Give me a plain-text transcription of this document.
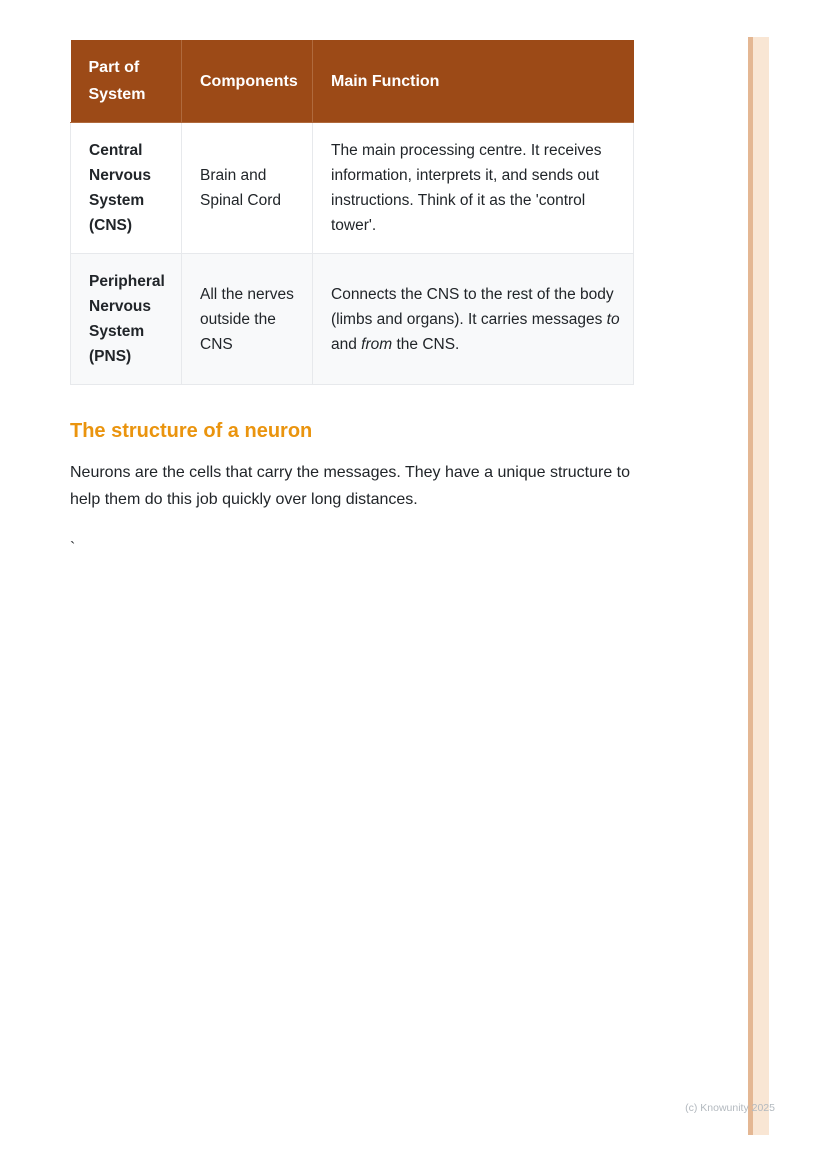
Part of System	Components	Main Function
Central Nervous System (CNS)	Brain and Spinal Cord	The main processing centre. It receives information, interprets it, and sends out instructions. Think of it as the 'control tower'.
Peripheral Nervous System (PNS)	All the nerves outside the CNS	Connects the CNS to the rest of the body (limbs and organs). It carries messages to and from the CNS.
The structure of a neuron

Neurons are the cells that carry the messages. They have a unique structure to help them do this job quickly over long distances.

`

(c) Knowunity 2025
